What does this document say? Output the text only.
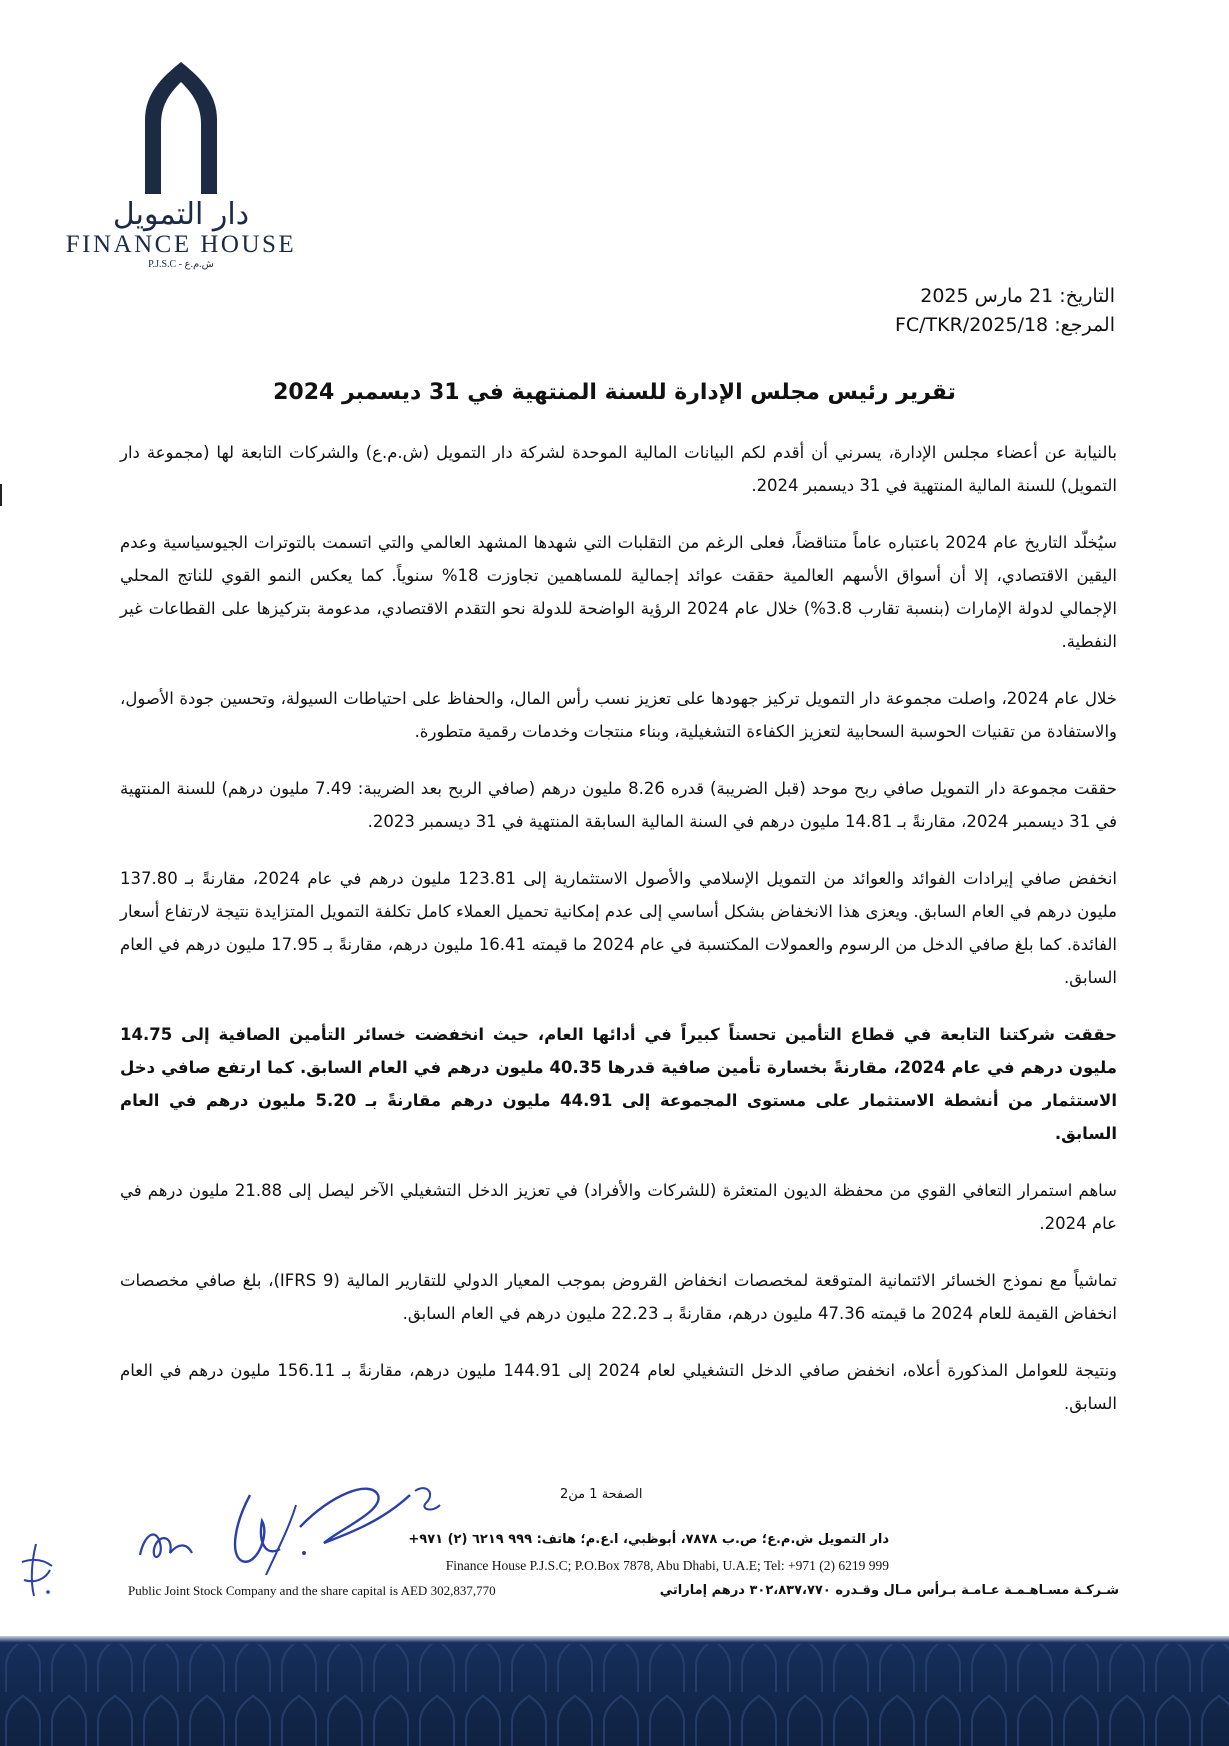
دار التمويل
FINANCE HOUSE
P.J.S.C - ش.م.ع
التاريخ: 21 مارس 2025
المرجع: 18/FC/TKR/2025
تقرير رئيس مجلس الإدارة للسنة المنتهية في 31 ديسمبر 2024

بالنيابة عن أعضاء مجلس الإدارة، يسرني أن أقدم لكم البيانات المالية الموحدة لشركة دار التمويل (ش.م.ع) والشركات التابعة لها (مجموعة دار التمويل) للسنة المالية المنتهية في 31 ديسمبر 2024.

سيُخلّد التاريخ عام 2024 باعتباره عاماً متناقضاً، فعلى الرغم من التقلبات التي شهدها المشهد العالمي والتي اتسمت بالتوترات الجيوسياسية وعدم اليقين الاقتصادي، إلا أن أسواق الأسهم العالمية حققت عوائد إجمالية للمساهمين تجاوزت 18% سنوياً. كما يعكس النمو القوي للناتج المحلي الإجمالي لدولة الإمارات (بنسبة تقارب 3.8%) خلال عام 2024 الرؤية الواضحة للدولة نحو التقدم الاقتصادي، مدعومة بتركيزها على القطاعات غير النفطية.

خلال عام 2024، واصلت مجموعة دار التمويل تركيز جهودها على تعزيز نسب رأس المال، والحفاظ على احتياطات السيولة، وتحسين جودة الأصول، والاستفادة من تقنيات الحوسبة السحابية لتعزيز الكفاءة التشغيلية، وبناء منتجات وخدمات رقمية متطورة.

حققت مجموعة دار التمويل صافي ربح موحد (قبل الضريبة) قدره 8.26 مليون درهم (صافي الربح بعد الضريبة: 7.49 مليون درهم) للسنة المنتهية في 31 ديسمبر 2024، مقارنةً بـ 14.81 مليون درهم في السنة المالية السابقة المنتهية في 31 ديسمبر 2023.

انخفض صافي إيرادات الفوائد والعوائد من التمويل الإسلامي والأصول الاستثمارية إلى 123.81 مليون درهم في عام 2024، مقارنةً بـ 137.80 مليون درهم في العام السابق. ويعزى هذا الانخفاض بشكل أساسي إلى عدم إمكانية تحميل العملاء كامل تكلفة التمويل المتزايدة نتيجة لارتفاع أسعار الفائدة. كما بلغ صافي الدخل من الرسوم والعمولات المكتسبة في عام 2024 ما قيمته 16.41 مليون درهم، مقارنةً بـ 17.95 مليون درهم في العام السابق.

حققت شركتنا التابعة في قطاع التأمين تحسناً كبيراً في أدائها العام، حيث انخفضت خسائر التأمين الصافية إلى 14.75 مليون درهم في عام 2024، مقارنةً بخسارة تأمين صافية قدرها 40.35 مليون درهم في العام السابق. كما ارتفع صافي دخل الاستثمار من أنشطة الاستثمار على مستوى المجموعة إلى 44.91 مليون درهم مقارنةً بـ 5.20 مليون درهم في العام السابق.

ساهم استمرار التعافي القوي من محفظة الديون المتعثرة (للشركات والأفراد) في تعزيز الدخل التشغيلي الآخر ليصل إلى 21.88 مليون درهم في عام 2024.

تماشياً مع نموذج الخسائر الائتمانية المتوقعة لمخصصات انخفاض القروض بموجب المعيار الدولي للتقارير المالية (IFRS 9)، بلغ صافي مخصصات انخفاض القيمة للعام 2024 ما قيمته 47.36 مليون درهم، مقارنةً بـ 22.23 مليون درهم في العام السابق.

ونتيجة للعوامل المذكورة أعلاه، انخفض صافي الدخل التشغيلي لعام 2024 إلى 144.91 مليون درهم، مقارنةً بـ 156.11 مليون درهم في العام السابق.

الصفحة 1 من2
دار التمويل ش.م.ع؛ ص.ب ٧٨٧٨، أبوظبي، ا.ع.م؛ هاتف: ٩٩٩ ٦٢١٩ (٢) ٩٧١+
Finance House P.J.S.C; P.O.Box 7878, Abu Dhabi, U.A.E; Tel: +971 (2) 6219 999
Public Joint Stock Company and the share capital is AED 302,837,770	شـركـة مسـاهـمـة عـامـة بـرأس مـال وقـدره ٣٠٢،٨٣٧،٧٧٠ درهم إماراتي
